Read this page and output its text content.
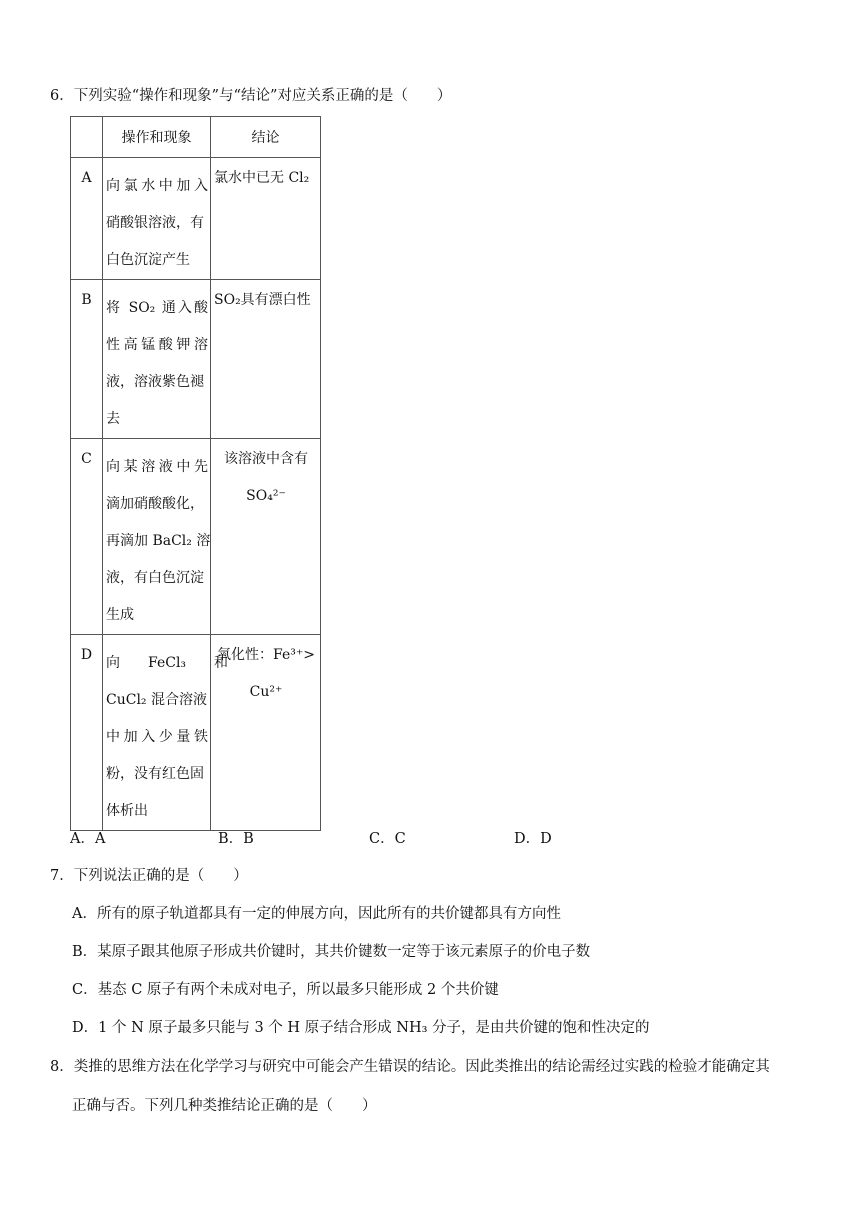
6．下列实验“操作和现象”与“结论”对应关系正确的是（　　）
	操作和现象	结论
A	向氯水中加入
硝酸银溶液，有
白色沉淀产生	氯水中已无 Cl₂
B	将 SO₂ 通入酸
性高锰酸钾溶
液，溶液紫色褪
去	SO₂具有漂白性
C	向某溶液中先
滴加硝酸酸化，
再滴加 BaCl₂ 溶
液，有白色沉淀
生成	该溶液中含有
SO₄²⁻

D	向　　FeCl₃　　和
CuCl₂ 混合溶液
中加入少量铁
粉，没有红色固
体析出	氧化性：Fe³⁺>
Cu²⁺
A．A	B．B	C．C	D．D
7．下列说法正确的是（　　）
A．所有的原子轨道都具有一定的伸展方向，因此所有的共价键都具有方向性
B．某原子跟其他原子形成共价键时，其共价键数一定等于该元素原子的价电子数
C．基态 C 原子有两个未成对电子，所以最多只能形成 2 个共价键
D．1 个 N 原子最多只能与 3 个 H 原子结合形成 NH₃ 分子，是由共价键的饱和性决定的
8．类推的思维方法在化学学习与研究中可能会产生错误的结论。因此类推出的结论需经过实践的检验才能确定其
正确与否。下列几种类推结论正确的是（　　）
